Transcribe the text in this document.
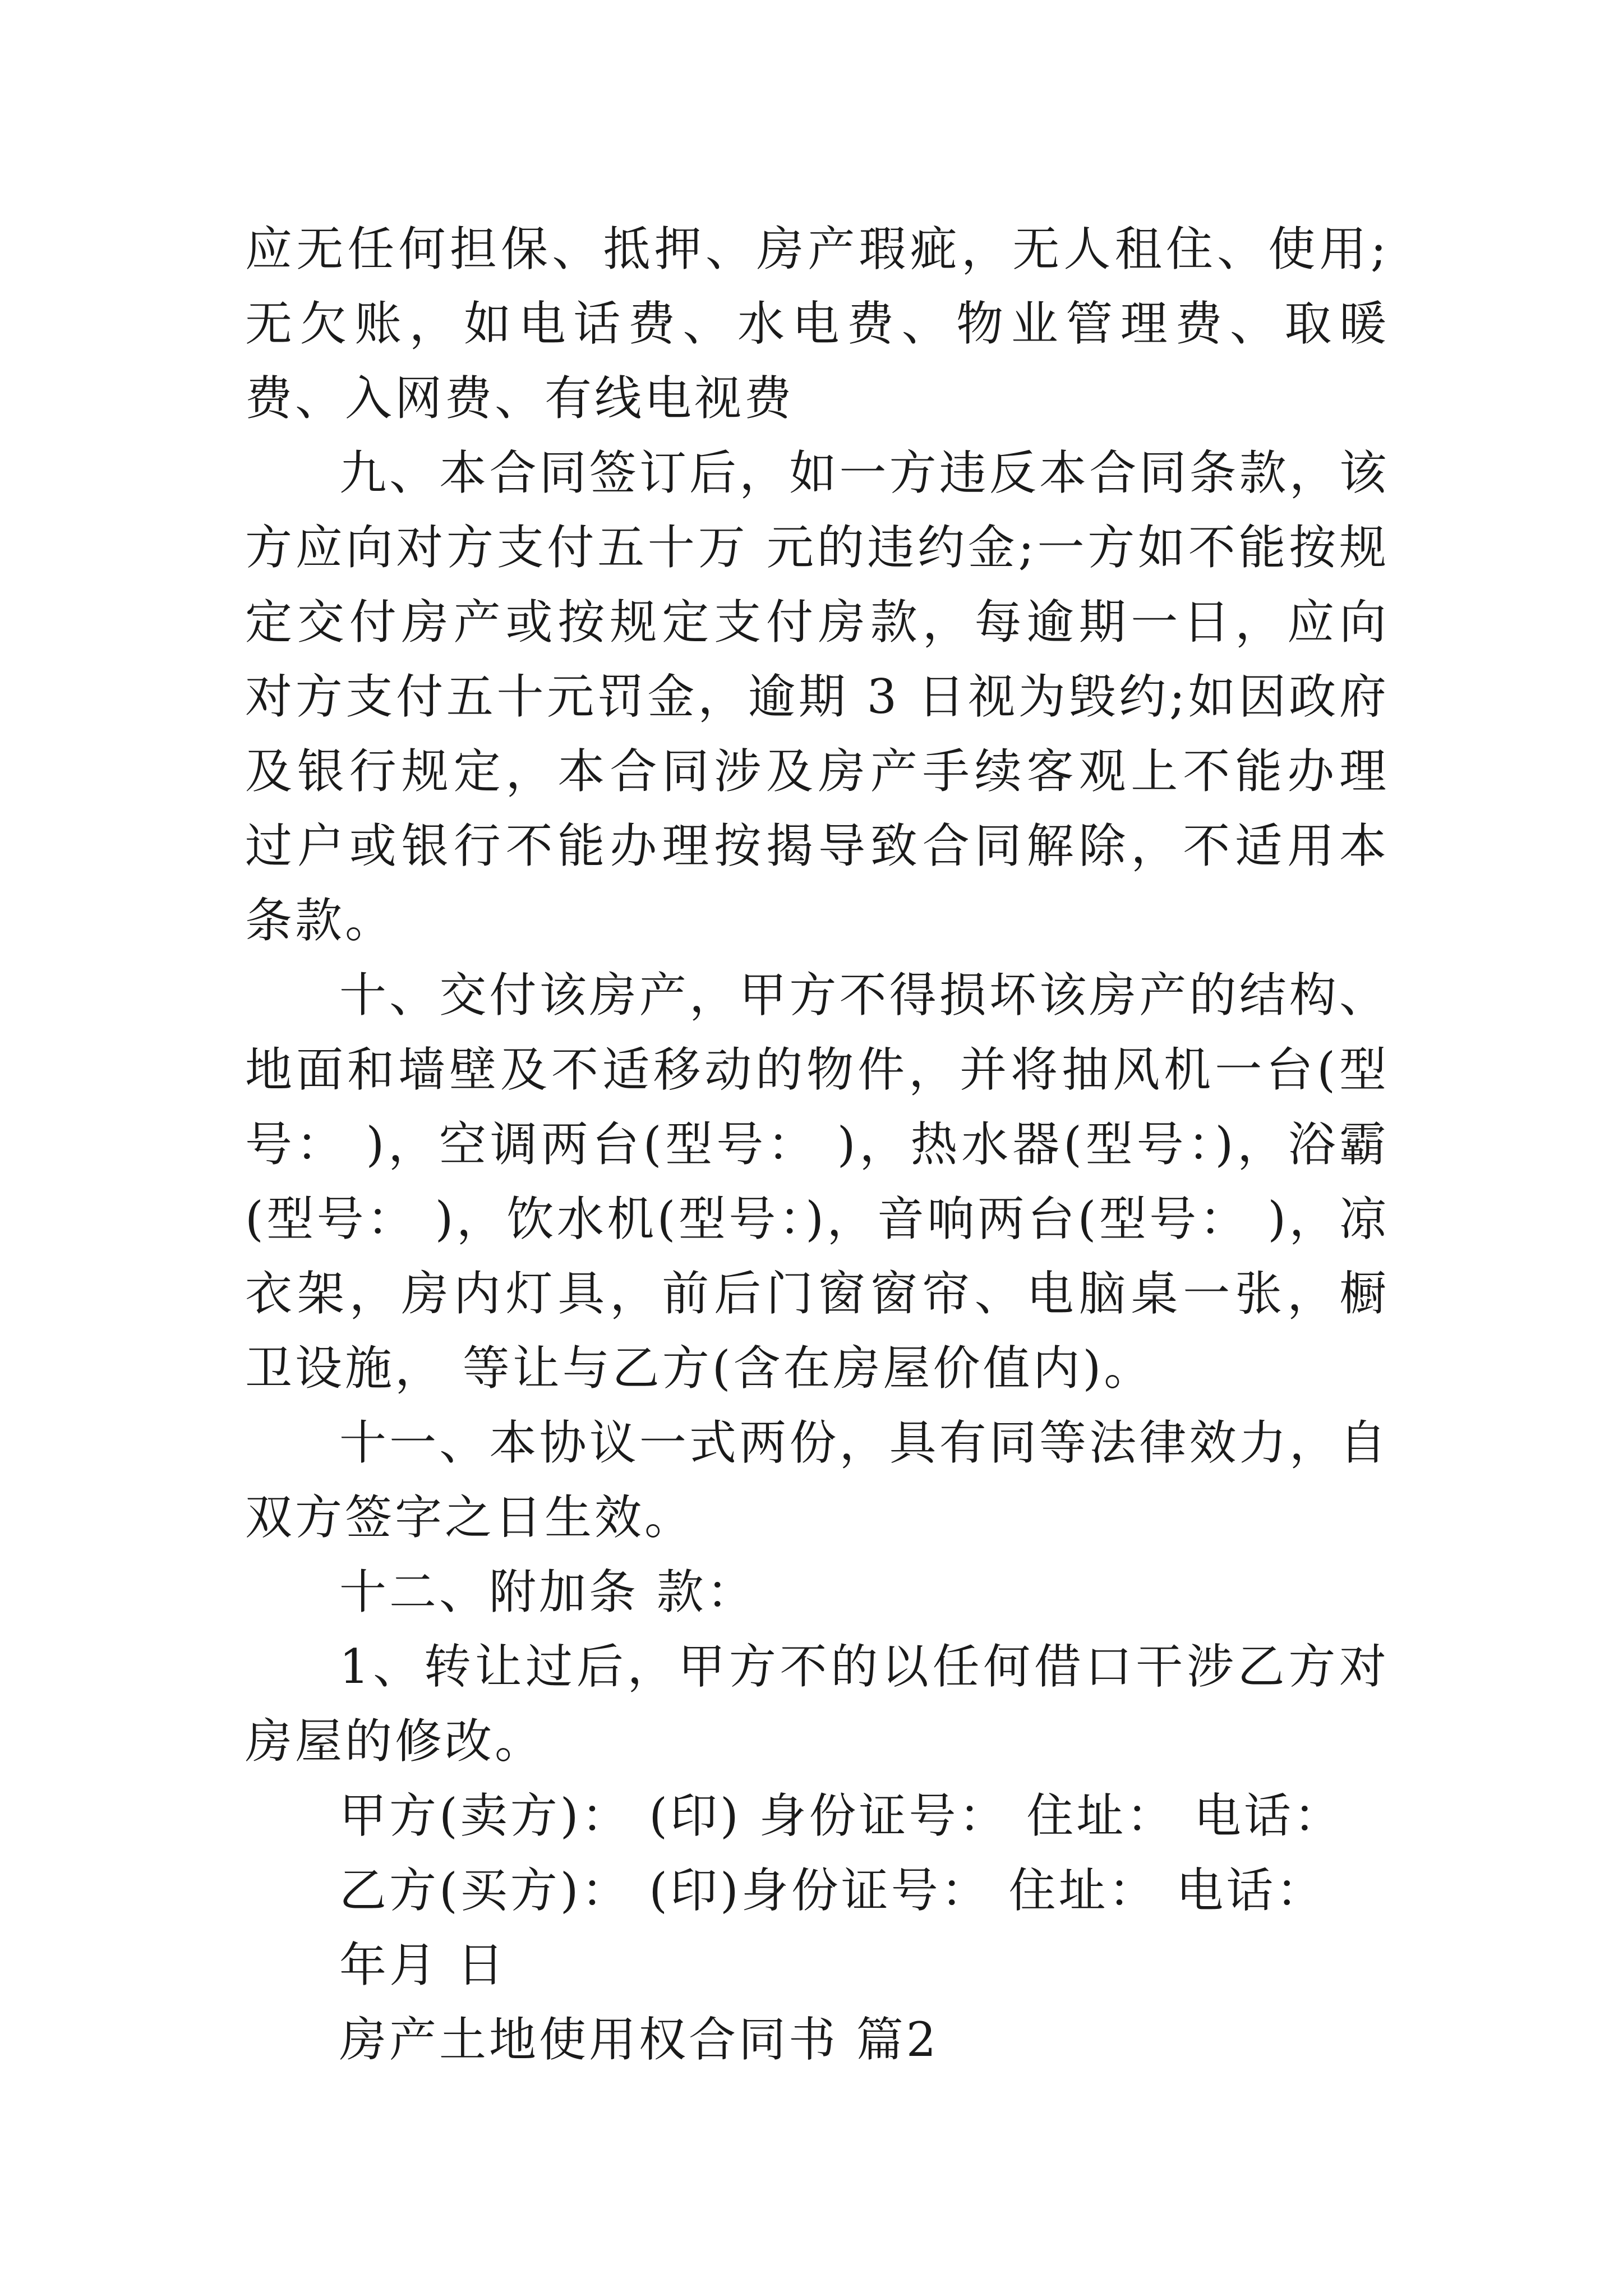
应无任何担保、抵押、房产瑕疵，无人租住、使用;无欠账，如电话费、水电费、物业管理费、取暖费、入网费、有线电视费

九、本合同签订后，如一方违反本合同条款，该方应向对方支付五十万 元的违约金;一方如不能按规定交付房产或按规定支付房款，每逾期一日，应向对方支付五十元罚金，逾期 3 日视为毁约;如因政府及银行规定，本合同涉及房产手续客观上不能办理过户或银行不能办理按揭导致合同解除，不适用本条款。

十、交付该房产，甲方不得损坏该房产的结构、地面和墙壁及不适移动的物件，并将抽风机一台(型号： )，空调两台(型号： )，热水器(型号：)，浴霸(型号： )，饮水机(型号：)，音响两台(型号： )，凉衣架，房内灯具，前后门窗窗帘、电脑桌一张，橱卫设施， 等让与乙方(含在房屋价值内)。

十一、本协议一式两份，具有同等法律效力，自双方签字之日生效。

十二、附加条 款：

1、转让过后，甲方不的以任何借口干涉乙方对房屋的修改。

甲方(卖方)： (印) 身份证号： 住址： 电话：

乙方(买方)： (印)身份证号： 住址： 电话：

年月 日

房产土地使用权合同书 篇2
